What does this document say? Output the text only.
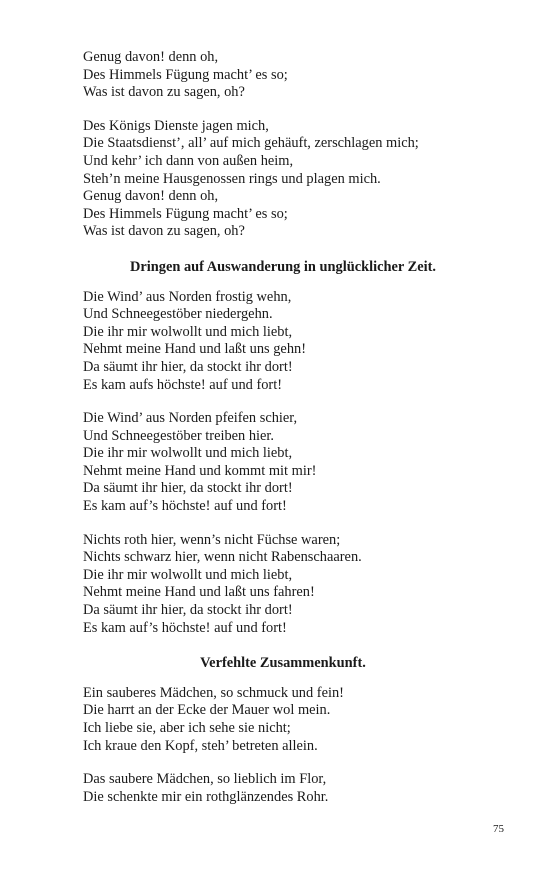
Genug davon! denn oh,
Des Himmels Fügung macht’ es so;
Was ist davon zu sagen, oh?
Des Königs Dienste jagen mich,
Die Staatsdienst’, all’ auf mich gehäuft, zerschlagen mich;
Und kehr’ ich dann von außen heim,
Steh’n meine Hausgenossen rings und plagen mich.
Genug davon! denn oh,
Des Himmels Fügung macht’ es so;
Was ist davon zu sagen, oh?
Dringen auf Auswanderung in unglücklicher Zeit.
Die Wind’ aus Norden frostig wehn,
Und Schneegestöber niedergehn.
Die ihr mir wolwollt und mich liebt,
Nehmt meine Hand und laßt uns gehn!
Da säumt ihr hier, da stockt ihr dort!
Es kam aufs höchste! auf und fort!
Die Wind’ aus Norden pfeifen schier,
Und Schneegestöber treiben hier.
Die ihr mir wolwollt und mich liebt,
Nehmt meine Hand und kommt mit mir!
Da säumt ihr hier, da stockt ihr dort!
Es kam auf’s höchste! auf und fort!
Nichts roth hier, wenn’s nicht Füchse waren;
Nichts schwarz hier, wenn nicht Rabenschaaren.
Die ihr mir wolwollt und mich liebt,
Nehmt meine Hand und laßt uns fahren!
Da säumt ihr hier, da stockt ihr dort!
Es kam auf’s höchste! auf und fort!
Verfehlte Zusammenkunft.
Ein sauberes Mädchen, so schmuck und fein!
Die harrt an der Ecke der Mauer wol mein.
Ich liebe sie, aber ich sehe sie nicht;
Ich kraue den Kopf, steh’ betreten allein.
Das saubere Mädchen, so lieblich im Flor,
Die schenkte mir ein rothglänzendes Rohr.
75
